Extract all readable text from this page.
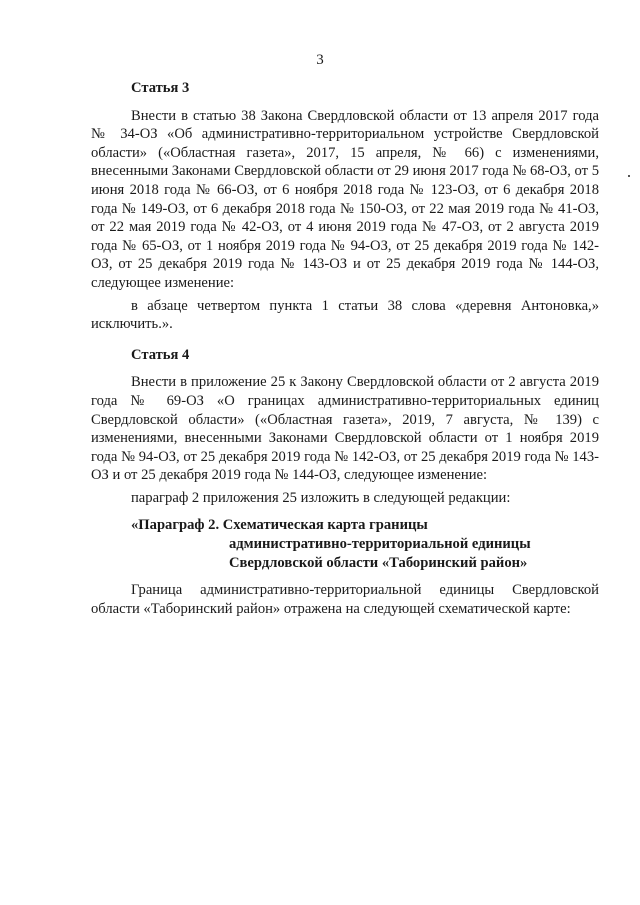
3

Статья 3

Внести в статью 38 Закона Свердловской области от 13 апреля 2017 года № 34-ОЗ «Об административно-территориальном устройстве Свердловской области» («Областная газета», 2017, 15 апреля, № 66) с изменениями, внесенными Законами Свердловской области от 29 июня 2017 года № 68-ОЗ, от 5 июня 2018 года № 66-ОЗ, от 6 ноября 2018 года № 123-ОЗ, от 6 декабря 2018 года № 149-ОЗ, от 6 декабря 2018 года № 150-ОЗ, от 22 мая 2019 года № 41-ОЗ, от 22 мая 2019 года № 42-ОЗ, от 4 июня 2019 года № 47-ОЗ, от 2 августа 2019 года № 65-ОЗ, от 1 ноября 2019 года № 94-ОЗ, от 25 декабря 2019 года № 142-ОЗ, от 25 декабря 2019 года № 143-ОЗ и от 25 декабря 2019 года № 144-ОЗ, следующее изменение:

в абзаце четвертом пункта 1 статьи 38 слова «деревня Антоновка,» исключить.».

Статья 4

Внести в приложение 25 к Закону Свердловской области от 2 августа 2019 года № 69-ОЗ «О границах административно-территориальных единиц Свердловской области» («Областная газета», 2019, 7 августа, № 139) с изменениями, внесенными Законами Свердловской области от 1 ноября 2019 года № 94-ОЗ, от 25 декабря 2019 года № 142-ОЗ, от 25 декабря 2019 года № 143-ОЗ и от 25 декабря 2019 года № 144-ОЗ, следующее изменение:

параграф 2 приложения 25 изложить в следующей редакции:

«Параграф 2. Схематическая карта границы
административно-территориальной единицы
Свердловской области «Таборинский район»

Граница административно-территориальной единицы Свердловской области «Таборинский район» отражена на следующей схематической карте:
